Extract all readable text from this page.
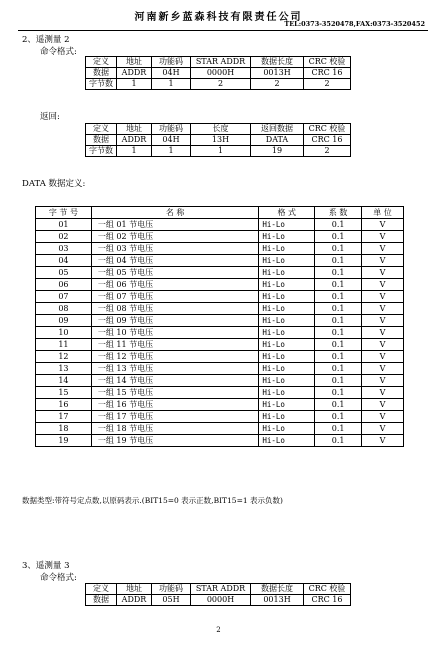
河南新乡蓝森科技有限责任公司
TEL:0373-3520478,FAX:0373-3520452
2、遥测量 2
命令格式:
定义	地址	功能码	STAR ADDR	数据长度	CRC 校验
数据	ADDR	04H	0000H	0013H	CRC 16
字节数	1	1	2	2	2
返回:
定义	地址	功能码	长度	返回数据	CRC 校验
数据	ADDR	04H	13H	DATA	CRC 16
字节数	1	1	1	19	2
DATA 数据定义:
字 节 号	名 称	格 式	系 数	单 位
01	一组 01 节电压	Hi-Lo	0.1	V
02	一组 02 节电压	Hi-Lo	0.1	V
03	一组 03 节电压	Hi-Lo	0.1	V
04	一组 04 节电压	Hi-Lo	0.1	V
05	一组 05 节电压	Hi-Lo	0.1	V
06	一组 06 节电压	Hi-Lo	0.1	V
07	一组 07 节电压	Hi-Lo	0.1	V
08	一组 08 节电压	Hi-Lo	0.1	V
09	一组 09 节电压	Hi-Lo	0.1	V
10	一组 10 节电压	Hi-Lo	0.1	V
11	一组 11 节电压	Hi-Lo	0.1	V
12	一组 12 节电压	Hi-Lo	0.1	V
13	一组 13 节电压	Hi-Lo	0.1	V
14	一组 14 节电压	Hi-Lo	0.1	V
15	一组 15 节电压	Hi-Lo	0.1	V
16	一组 16 节电压	Hi-Lo	0.1	V
17	一组 17 节电压	Hi-Lo	0.1	V
18	一组 18 节电压	Hi-Lo	0.1	V
19	一组 19 节电压	Hi-Lo	0.1	V
数据类型:带符号定点数,以原码表示.(BIT15=0 表示正数,BIT15=1 表示负数)
3、遥测量 3
命令格式:
定义	地址	功能码	STAR ADDR	数据长度	CRC 校验
数据	ADDR	05H	0000H	0013H	CRC 16
2
